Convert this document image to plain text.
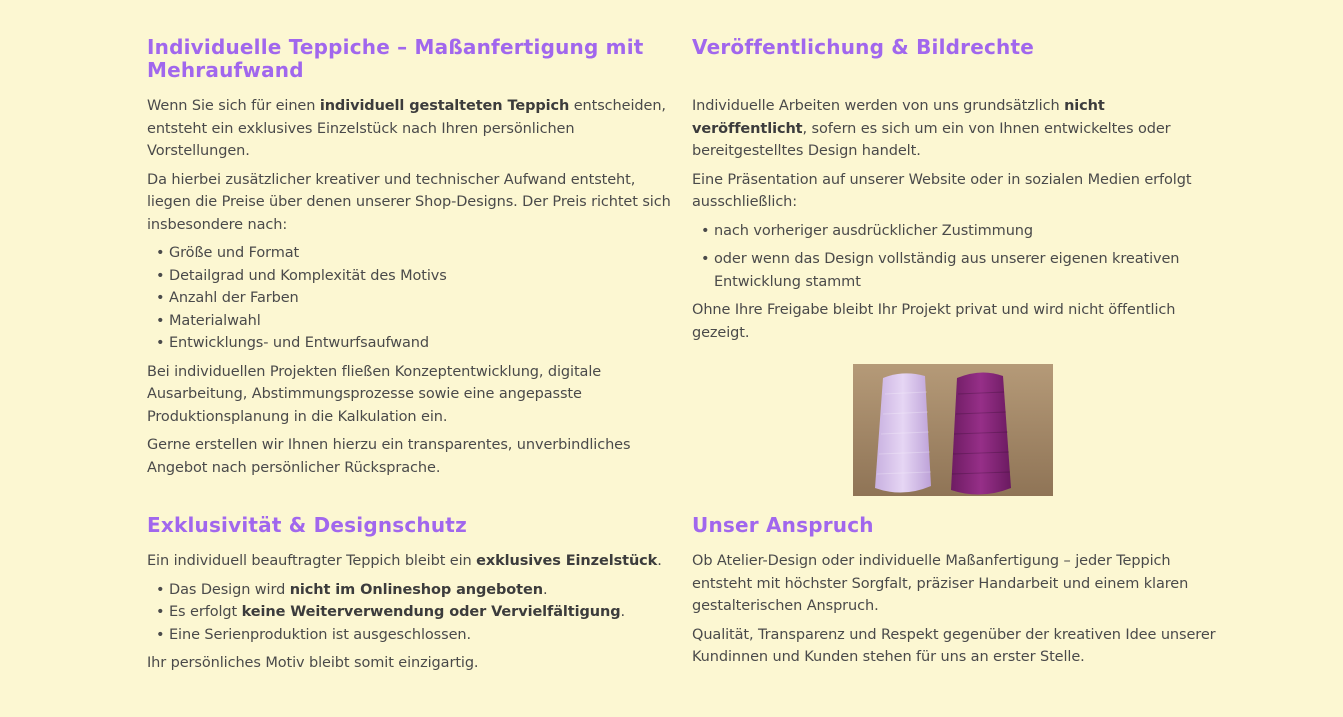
Individuelle Teppiche – Maßanfertigung mit Mehraufwand

Wenn Sie sich für einen individuell gestalteten Teppich entscheiden, entsteht ein exklusives Einzelstück nach Ihren persönlichen Vorstellungen.

Da hierbei zusätzlicher kreativer und technischer Aufwand entsteht, liegen die Preise über denen unserer Shop-Designs. Der Preis richtet sich insbesondere nach:

• Größe und Format
• Detailgrad und Komplexität des Motivs
• Anzahl der Farben
• Materialwahl
• Entwicklungs- und Entwurfsaufwand

Bei individuellen Projekten fließen Konzeptentwicklung, digitale Ausarbeitung, Abstimmungsprozesse sowie eine angepasste Produktionsplanung in die Kalkulation ein.

Gerne erstellen wir Ihnen hierzu ein transparentes, unverbindliches Angebot nach persönlicher Rücksprache.

Veröffentlichung & Bildrechte

Individuelle Arbeiten werden von uns grundsätzlich nicht veröffentlicht, sofern es sich um ein von Ihnen entwickeltes oder bereitgestelltes Design handelt.

Eine Präsentation auf unserer Website oder in sozialen Medien erfolgt ausschließlich:

• nach vorheriger ausdrücklicher Zustimmung
• oder wenn das Design vollständig aus unserer eigenen kreativen Entwicklung stammt

Ohne Ihre Freigabe bleibt Ihr Projekt privat und wird nicht öffentlich gezeigt.

Exklusivität & Designschutz

Ein individuell beauftragter Teppich bleibt ein exklusives Einzelstück.

• Das Design wird nicht im Onlineshop angeboten.
• Es erfolgt keine Weiterverwendung oder Vervielfältigung.
• Eine Serienproduktion ist ausgeschlossen.

Ihr persönliches Motiv bleibt somit einzigartig.

Unser Anspruch

Ob Atelier-Design oder individuelle Maßanfertigung – jeder Teppich entsteht mit höchster Sorgfalt, präziser Handarbeit und einem klaren gestalterischen Anspruch.

Qualität, Transparenz und Respekt gegenüber der kreativen Idee unserer Kundinnen und Kunden stehen für uns an erster Stelle.
